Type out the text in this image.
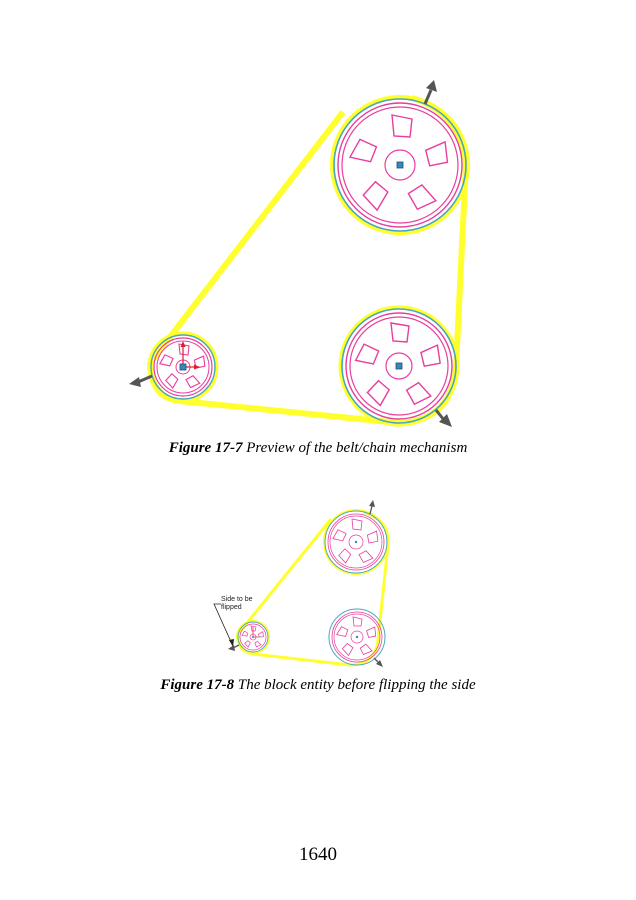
Figure 17-7 Preview of the belt/chain mechanism
Side to be
flipped
Figure 17-8 The block entity before flipping the side
1640
